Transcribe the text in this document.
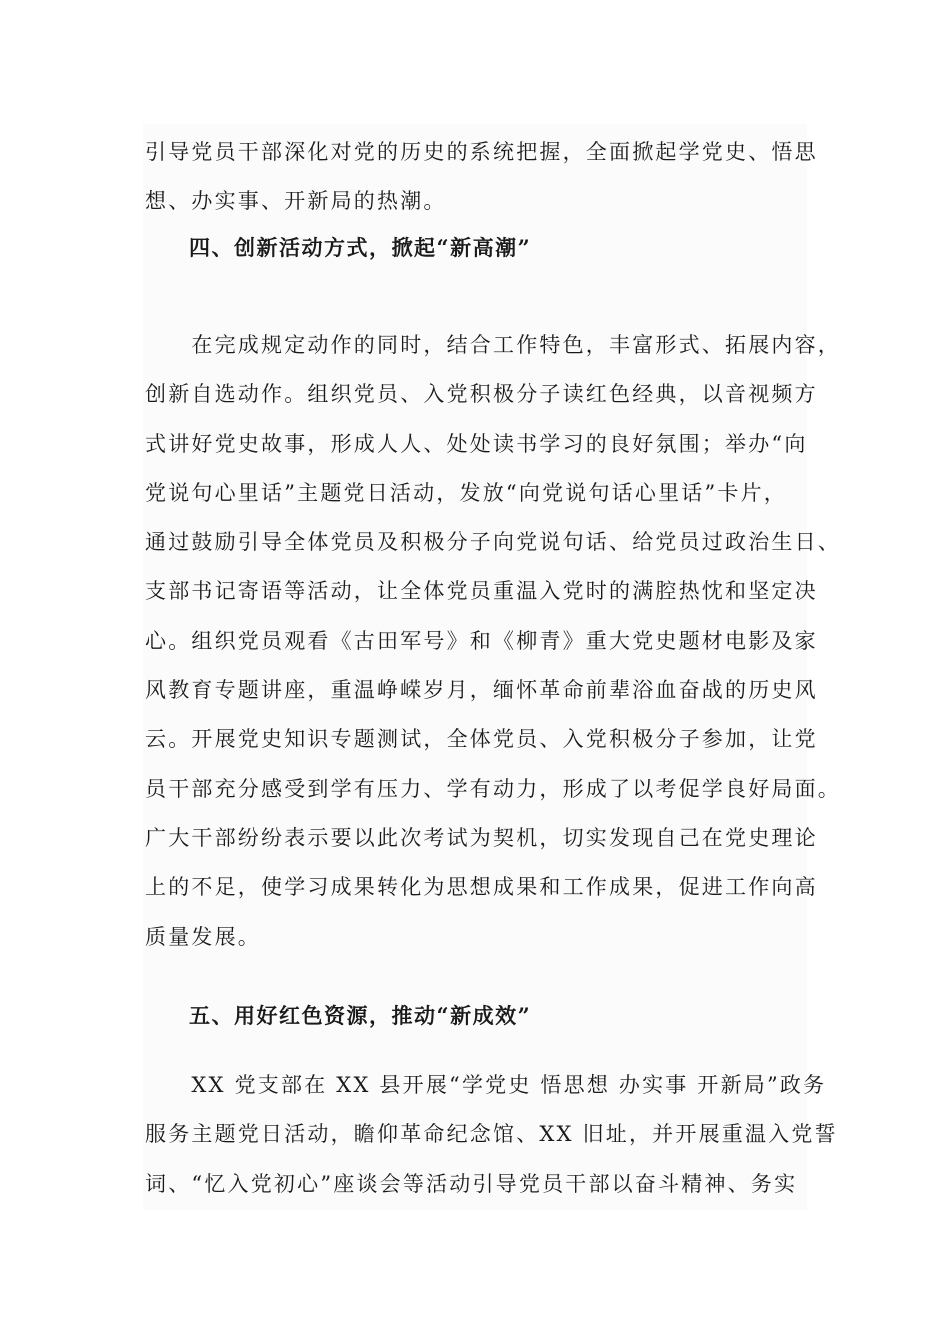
引导党员干部深化对党的历史的系统把握，全面掀起学党史、悟思
想、办实事、开新局的热潮。
四、创新活动方式，掀起“新高潮”
　　在完成规定动作的同时，结合工作特色，丰富形式、拓展内容，
创新自选动作。组织党员、入党积极分子读红色经典，以音视频方
式讲好党史故事，形成人人、处处读书学习的良好氛围；举办“向
党说句心里话”主题党日活动，发放“向党说句话心里话”卡片，
通过鼓励引导全体党员及积极分子向党说句话、给党员过政治生日、
支部书记寄语等活动，让全体党员重温入党时的满腔热忱和坚定决
心。组织党员观看《古田军号》和《柳青》重大党史题材电影及家
风教育专题讲座，重温峥嵘岁月，缅怀革命前辈浴血奋战的历史风
云。开展党史知识专题测试，全体党员、入党积极分子参加，让党
员干部充分感受到学有压力、学有动力，形成了以考促学良好局面。
广大干部纷纷表示要以此次考试为契机，切实发现自己在党史理论
上的不足，使学习成果转化为思想成果和工作成果，促进工作向高
质量发展。
五、用好红色资源，推动“新成效”
　　XX 党支部在 XX 县开展“学党史 悟思想 办实事 开新局”政务
服务主题党日活动，瞻仰革命纪念馆、XX 旧址，并开展重温入党誓
词、“忆入党初心”座谈会等活动引导党员干部以奋斗精神、务实
